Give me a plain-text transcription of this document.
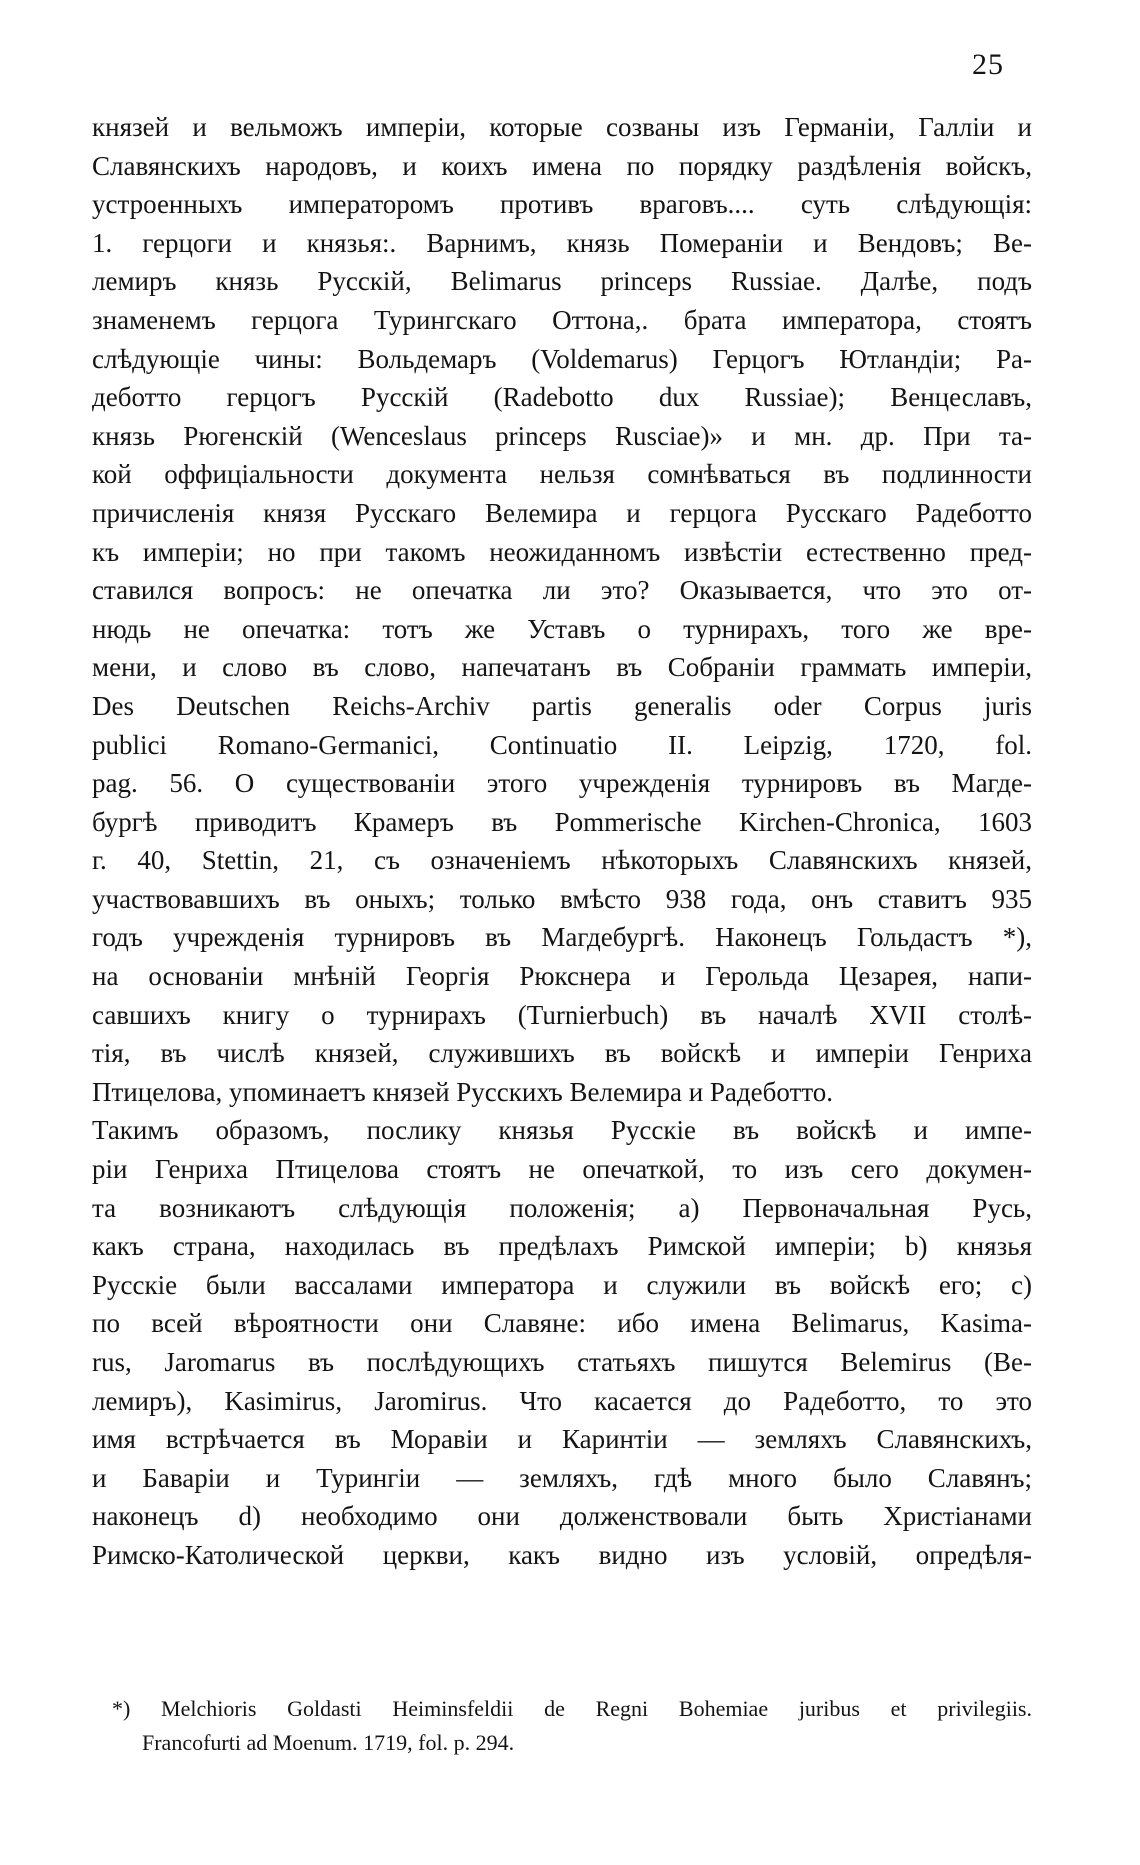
25
князей и вельможъ имперіи, которые созваны изъ Германіи, Галліи и
Славянскихъ народовъ, и коихъ имена по порядку раздѣленія войскъ,
устроенныхъ императоромъ противъ враговъ.... суть слѣдующія:
1. герцоги и князья:. Варнимъ, князь Помераніи и Вендовъ; Ве-
лемиръ князь Русскій, Belimarus princeps Russiae. Далѣе, подъ
знаменемъ герцога Турингскаго Оттона,. брата императора, стоятъ
слѣдующіе чины: Вольдемаръ (Voldemarus) Герцогъ Ютландіи; Ра-
деботто герцогъ Русскій (Radebotto dux Russiae); Венцеславъ,
князь Рюгенскій (Wenceslaus princeps Rusciae)» и мн. др. При та-
кой оффиціальности документа нельзя сомнѣваться въ подлинности
причисленія князя Русскаго Велемира и герцога Русскаго Радеботто
къ имперіи; но при такомъ неожиданномъ извѣстіи естественно пред-
ставился вопросъ: не опечатка ли это? Оказывается, что это от-
нюдь не опечатка: тотъ же Уставъ о турнирахъ, того же вре-
мени, и слово въ слово, напечатанъ въ Собраніи граммать имперіи,
Des Deutschen Reichs-Archiv partis generalis oder Corpus juris
publici Romano-Germanici, Continuatio II. Leipzig, 1720, fol.
pag. 56. О существованіи этого учрежденія турнировъ въ Магде-
бургѣ приводитъ Крамеръ въ Pommerische Kirchen-Chronica, 1603
г. 40, Stettin, 21, съ означеніемъ нѣкоторыхъ Славянскихъ князей,
участвовавшихъ въ оныхъ; только вмѣсто 938 года, онъ ставитъ 935
годъ учрежденія турнировъ въ Магдебургѣ. Наконецъ Гольдастъ *),
на основаніи мнѣній Георгія Рюкснера и Герольда Цезарея, напи-
савшихъ книгу о турнирахъ (Turnierbuch) въ началѣ XVII столѣ-
тія, въ числѣ князей, служившихъ въ войскѣ и имперіи Генриха
Птицелова, упоминаетъ князей Русскихъ Велемира и Радеботто.
Такимъ образомъ, послику князья Русскіе въ войскѣ и импе-
ріи Генриха Птицелова стоятъ не опечаткой, то изъ сего докумен-
та возникаютъ слѣдующія положенія; а) Первоначальная Русь,
какъ страна, находилась въ предѣлахъ Римской имперіи; b) князья
Русскіе были вассалами императора и служили въ войскѣ его; с)
по всей вѣроятности они Славяне: ибо имена Belimarus, Kasima-
rus, Jaromarus въ послѣдующихъ статьяхъ пишутся Belemirus (Ве-
лемиръ), Kasimirus, Jaromirus. Что касается до Радеботто, то это
имя встрѣчается въ Моравіи и Каринтіи — земляхъ Славянскихъ,
и Баваріи и Турингіи — земляхъ, гдѣ много было Славянъ;
наконецъ d) необходимо они долженствовали быть Христіанами
Римско-Католической церкви, какъ видно изъ условій, опредѣля-
*) Melchioris Goldasti Heiminsfeldii de Regni Bohemiae juribus et privilegiis.
Francofurti ad Moenum. 1719, fol. p. 294.
